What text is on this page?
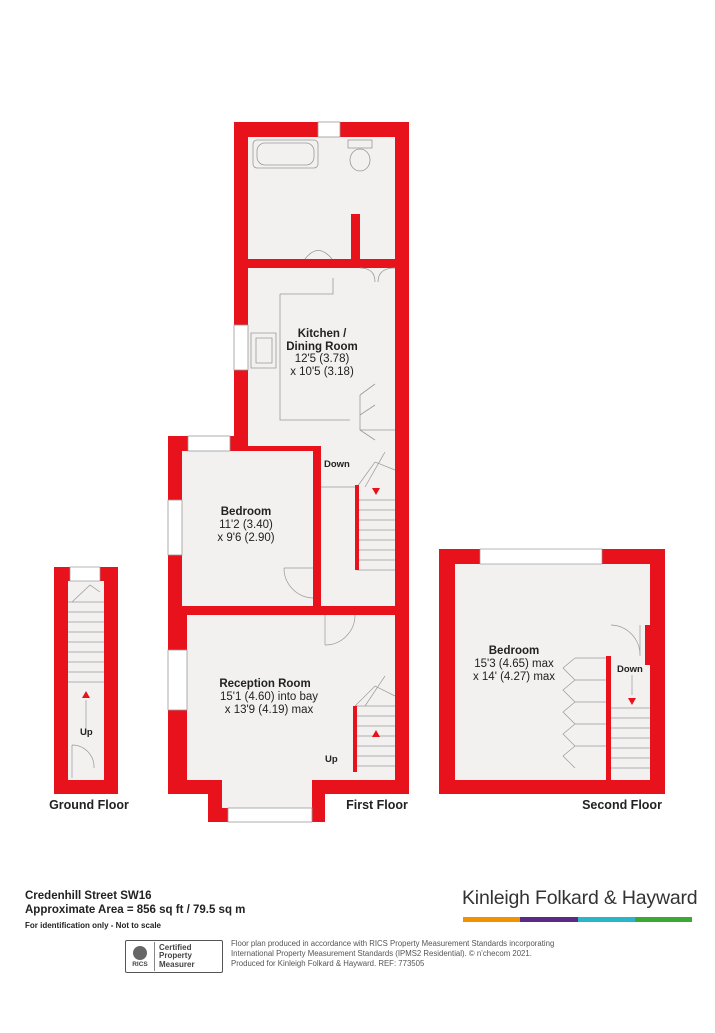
Kitchen /
Dining Room
12'5 (3.78)
x 10'5 (3.18)
Bedroom
11'2 (3.40)
x 9'6 (2.90)
Reception Room
15'1 (4.60) into bay
x 13'9 (4.19) max
Down
Up
Up
Bedroom
15'3 (4.65) max
x 14' (4.27) max
Down
Ground Floor	First Floor	Second Floor
Credenhill Street SW16
Approximate Area = 856 sq ft / 79.5 sq m
For identification only - Not to scale
Kinleigh Folkard & Hayward
RICS
Certified
Property
Measurer
Floor plan produced in accordance with RICS Property Measurement Standards incorporating
International Property Measurement Standards (IPMS2 Residential). © n’checom 2021.
Produced for Kinleigh Folkard & Hayward. REF: 773505
